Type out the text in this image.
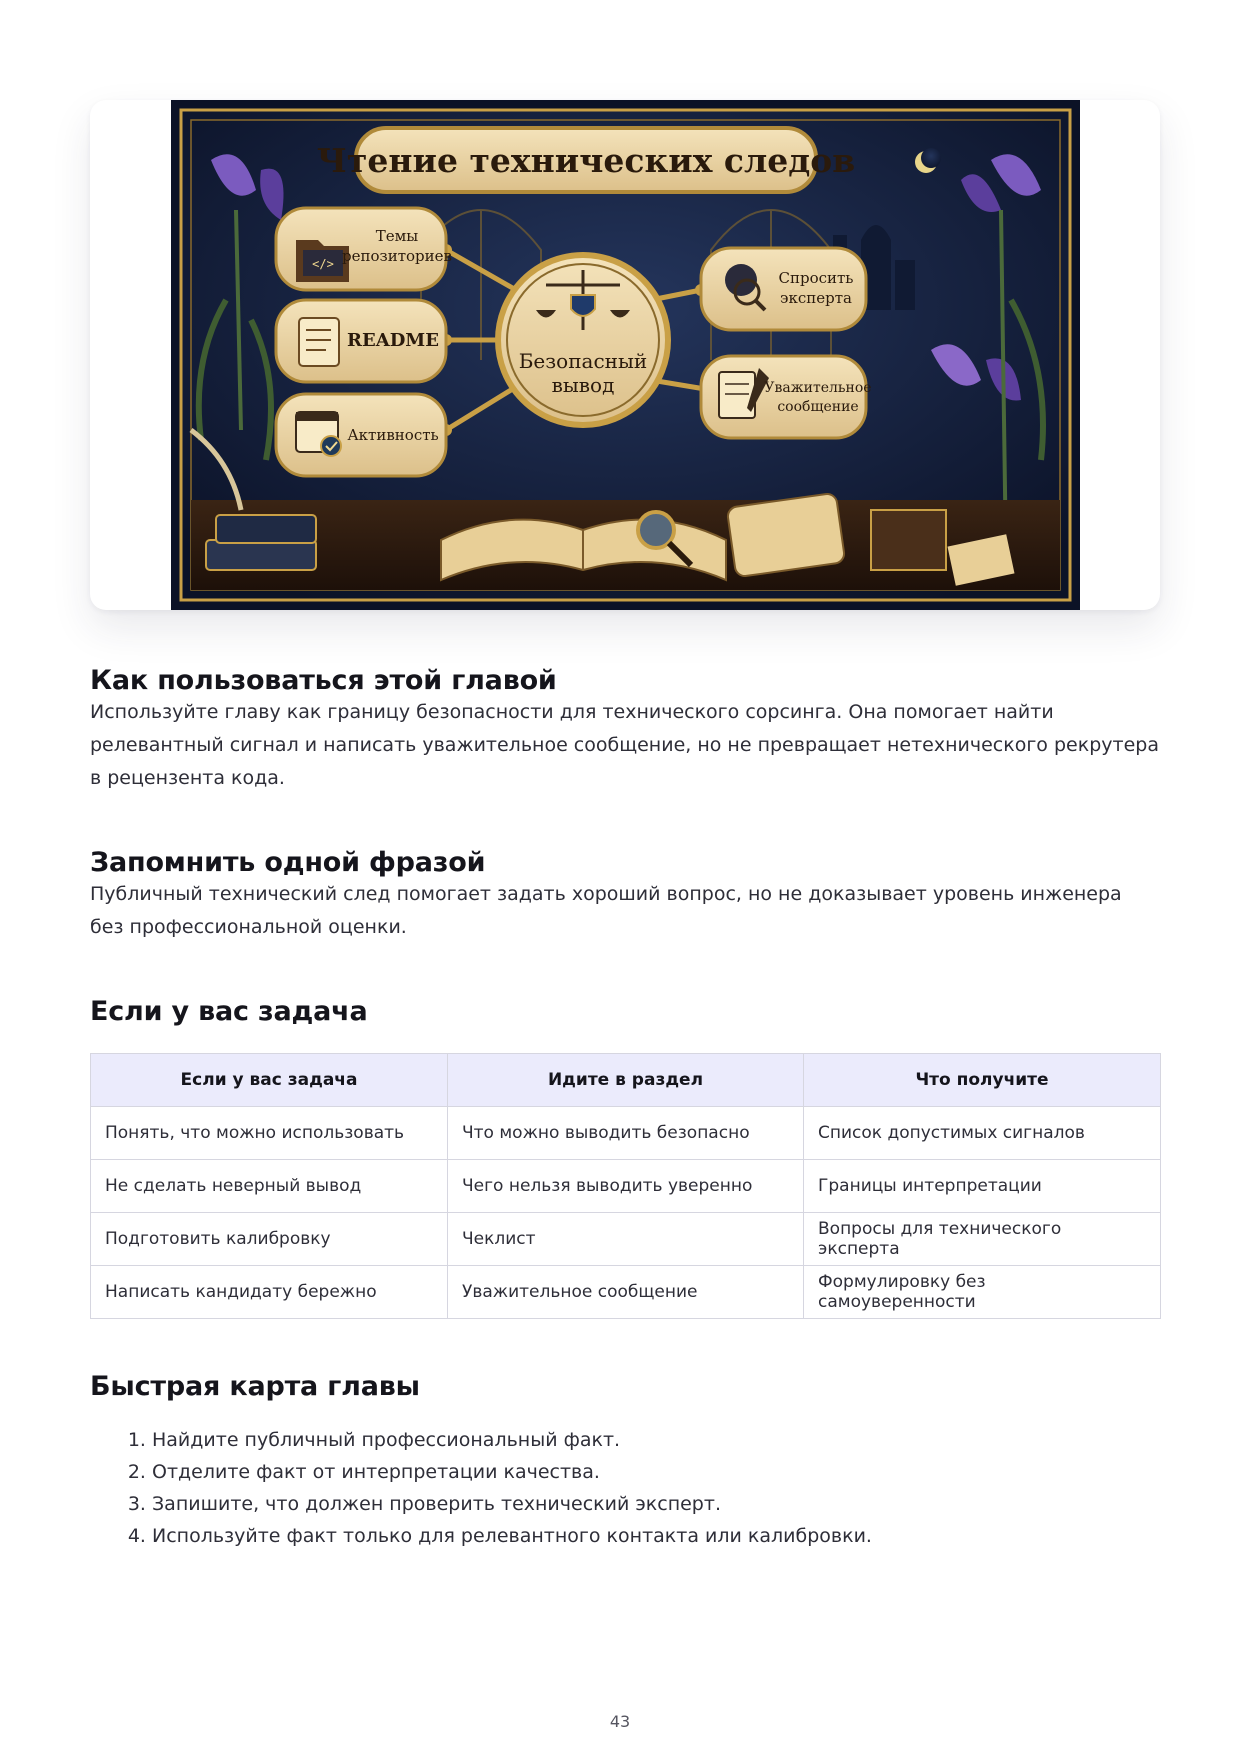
Чтение технических следов
</>
Темы
репозиториев
README
Активность
Безопасный
вывод
Спросить
эксперта
Уважительное
сообщение
Как пользоваться этой главой

Используйте главу как границу безопасности для технического сорсинга. Она помогает найти релевантный сигнал и написать уважительное сообщение, но не превращает нетехнического рекрутера в рецензента кода.

Запомнить одной фразой

Публичный технический след помогает задать хороший вопрос, но не доказывает уровень инженера без профессиональной оценки.

Если у вас задача
Если у вас задача	Идите в раздел	Что получите
Понять, что можно использовать	Что можно выводить безопасно	Список допустимых сигналов
Не сделать неверный вывод	Чего нельзя выводить уверенно	Границы интерпретации
Подготовить калибровку	Чеклист	Вопросы для технического эксперта
Написать кандидату бережно	Уважительное сообщение	Формулировку без самоуверенности
Быстрая карта главы
1. Найдите публичный профессиональный факт.
2. Отделите факт от интерпретации качества.
3. Запишите, что должен проверить технический эксперт.
4. Используйте факт только для релевантного контакта или калибровки.
43
